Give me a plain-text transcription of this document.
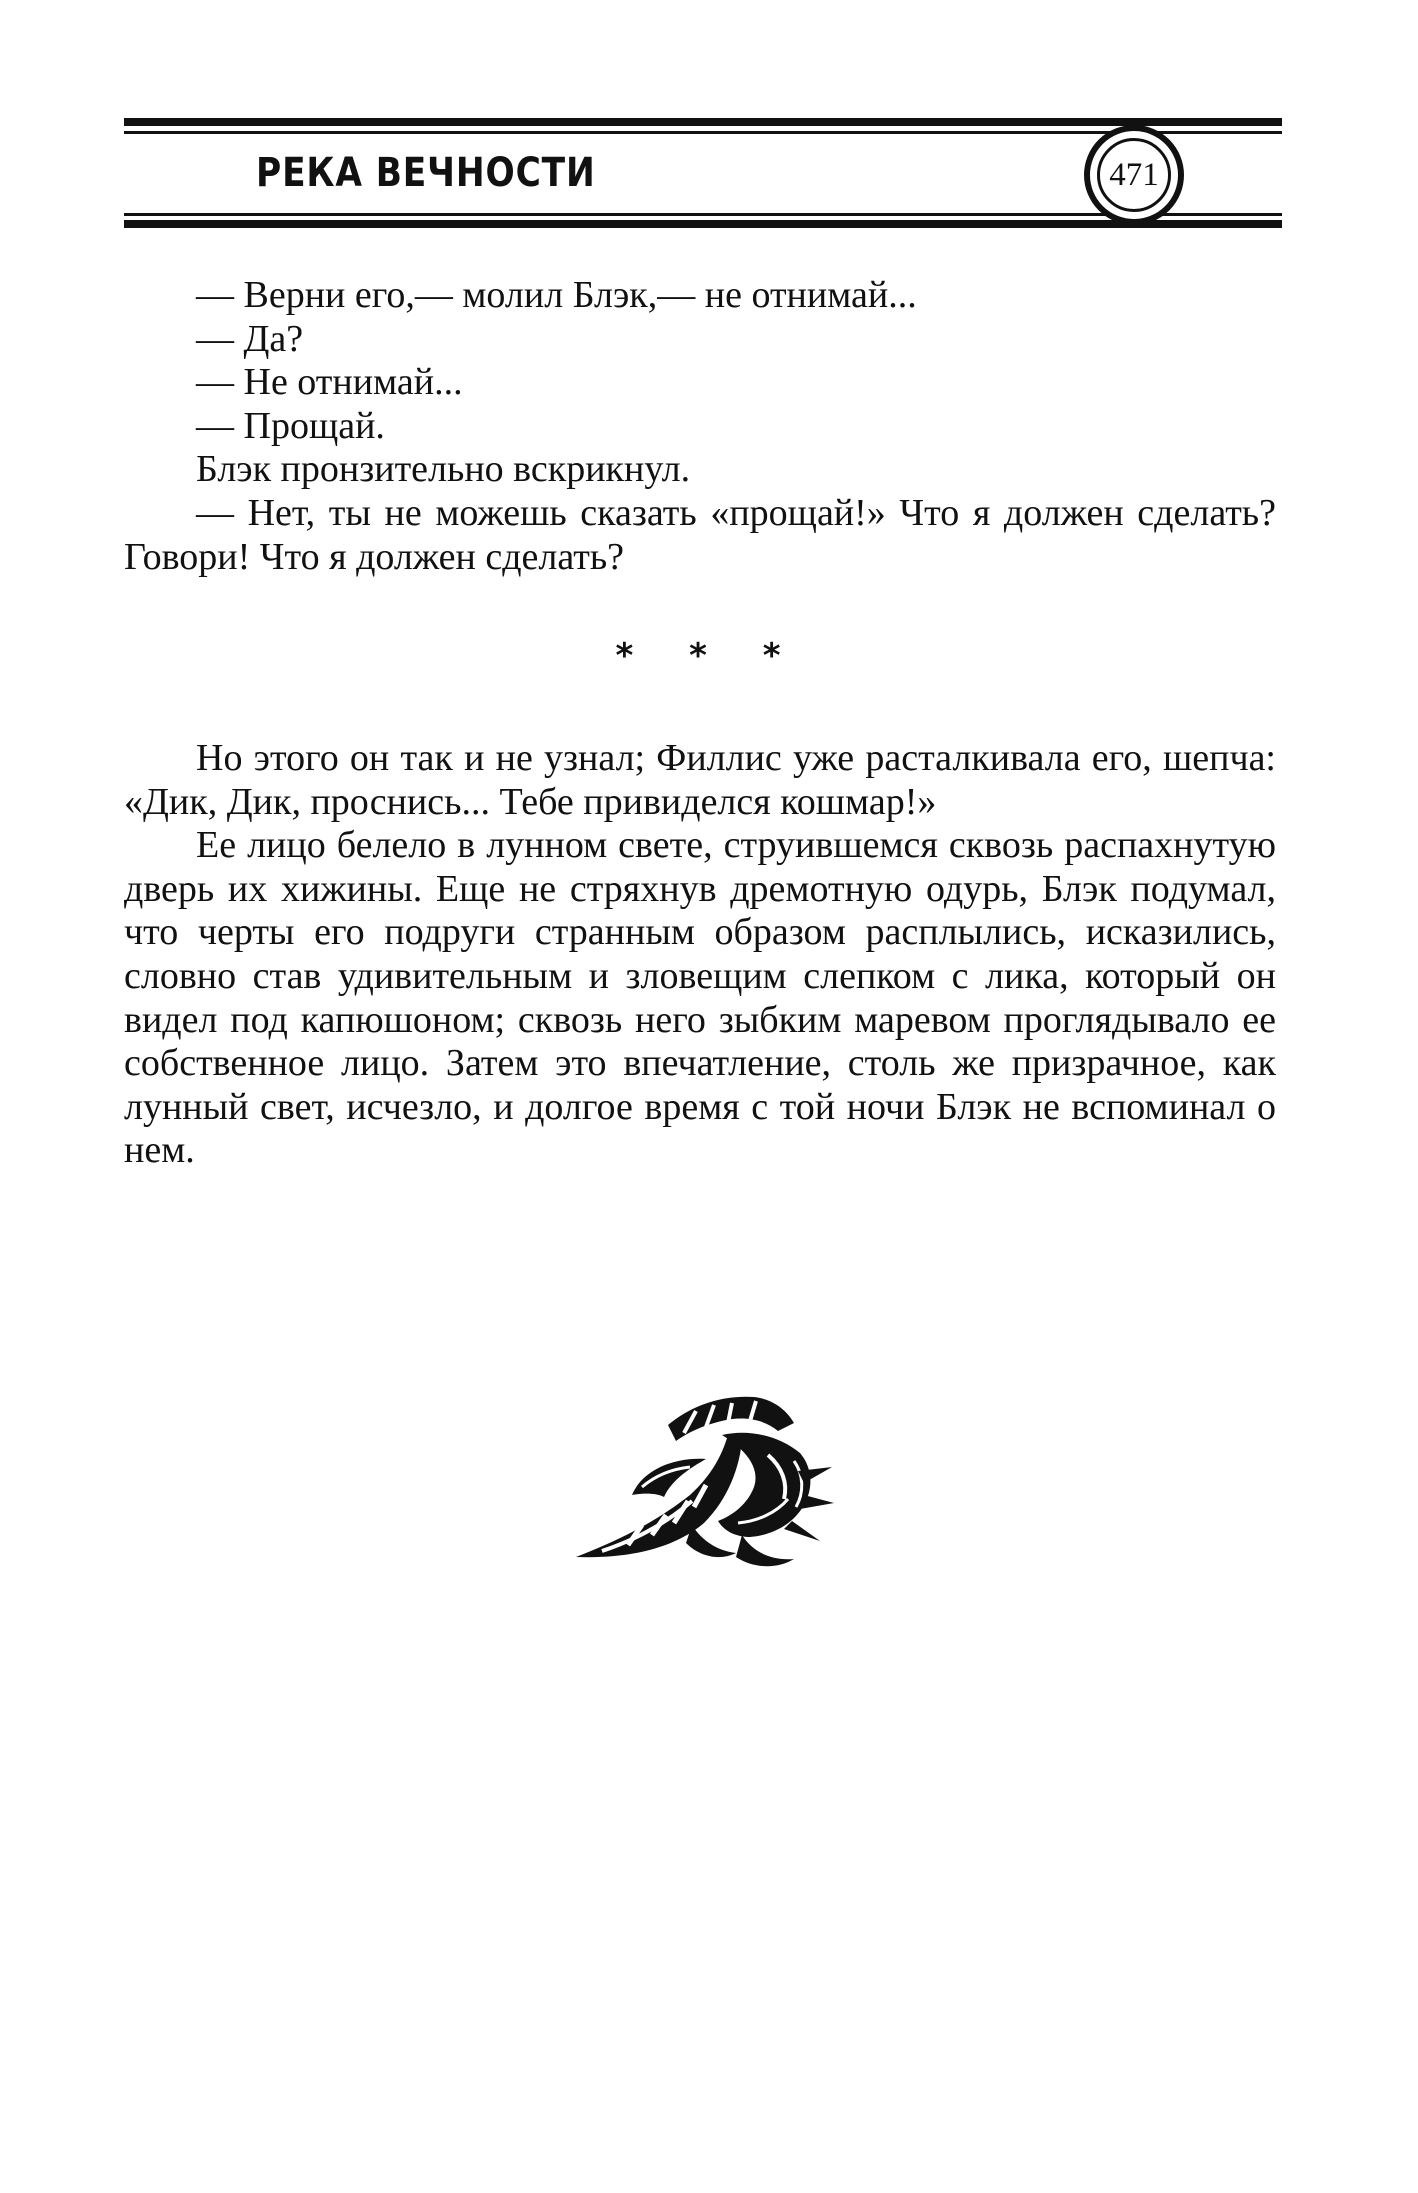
РЕКА ВЕЧНОСТИ	471

— Верни его,— молил Блэк,— не отнимай...

— Да?

— Не отнимай...

— Прощай.

Блэк пронзительно вскрикнул.

— Нет, ты не можешь сказать «прощай!» Что я должен сделать? Говори! Что я должен сделать?

* * *

Но этого он так и не узнал; Филлис уже расталкивала его, шепча: «Дик, Дик, проснись... Тебе привиделся кошмар!»

Ее лицо белело в лунном свете, струившемся сквозь распахнутую дверь их хижины. Еще не стряхнув дремотную одурь, Блэк подумал, что черты его подруги странным образом расплылись, исказились, словно став удивительным и зловещим слепком с лика, который он видел под капюшоном; сквозь него зыбким маревом проглядывало ее собственное лицо. Затем это впечатление, столь же призрачное, как лунный свет, исчезло, и долгое время с той ночи Блэк не вспоминал о нем.
